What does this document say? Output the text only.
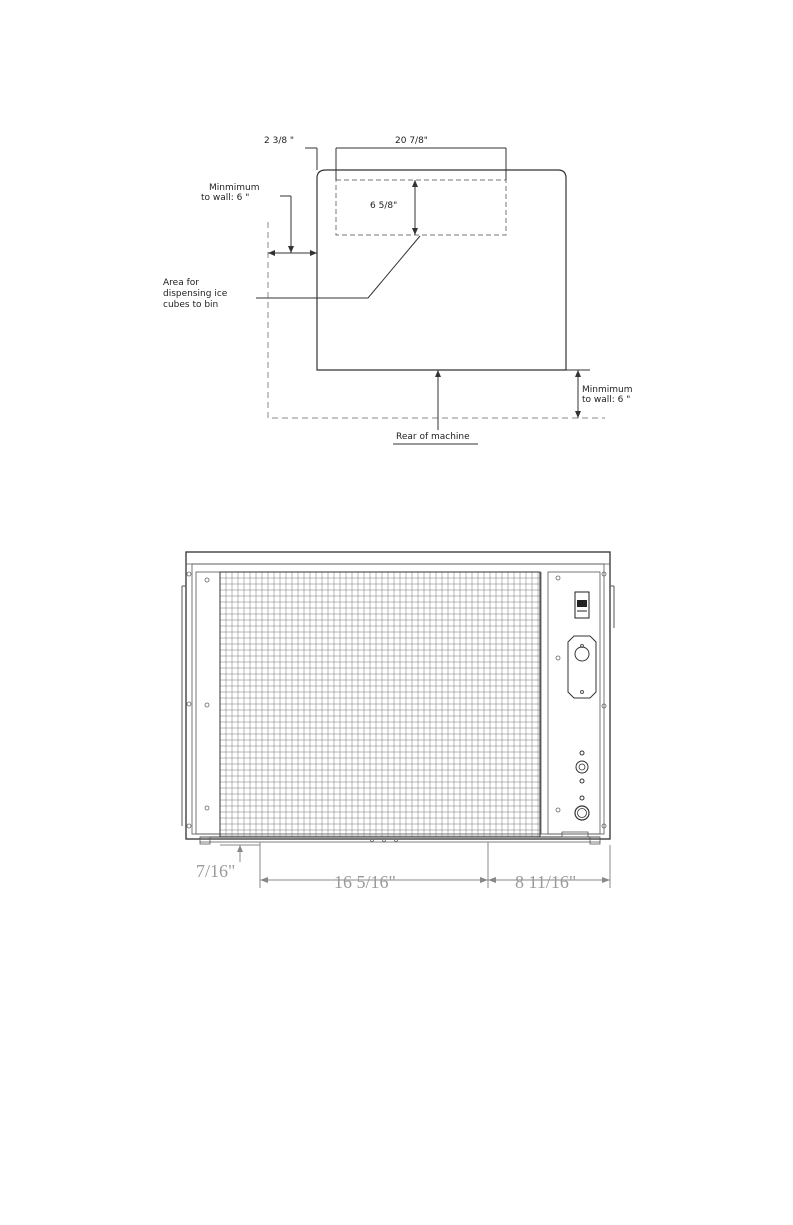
2 3/8 "	20 7/8"
6 5/8"
Minmimum to wall: 6 "
Area for dispensing ice cubes to bin
Minmimum to wall: 6 "
Rear of machine
7/16"
16 5/16"	8 11/16"
